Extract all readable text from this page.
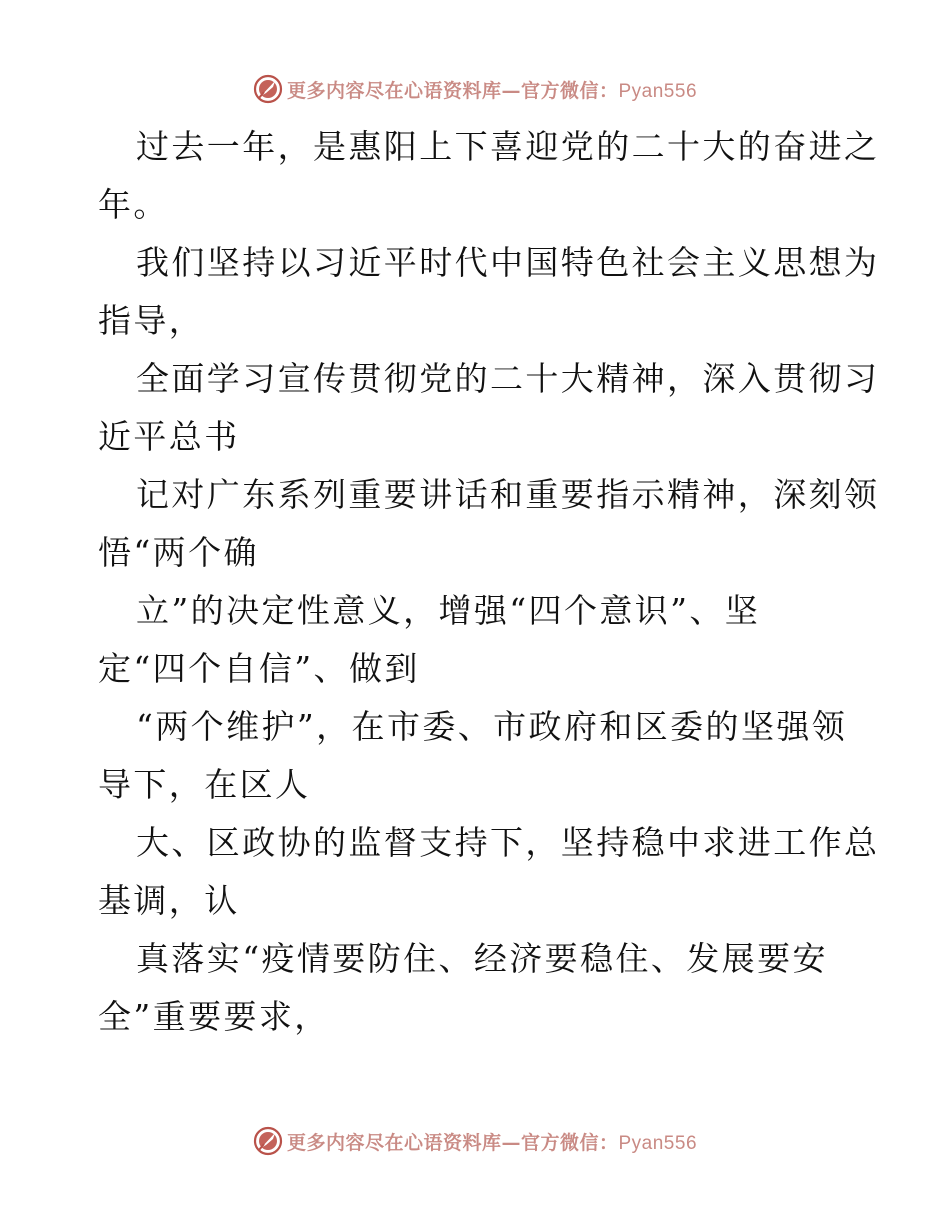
更多内容尽在心语资料库—官方微信：Pyan556
过去一年，是惠阳上下喜迎党的二十大的奋进之
年。
我们坚持以习近平时代中国特色社会主义思想为
指导，
全面学习宣传贯彻党的二十大精神，深入贯彻习
近平总书
记对广东系列重要讲话和重要指示精神，深刻领
悟“两个确
立”的决定性意义，增强“四个意识”、坚
定“四个自信”、做到
“两个维护”，在市委、市政府和区委的坚强领
导下，在区人
大、区政协的监督支持下，坚持稳中求进工作总
基调，认
真落实“疫情要防住、经济要稳住、发展要安
全”重要要求，
更多内容尽在心语资料库—官方微信：Pyan556
